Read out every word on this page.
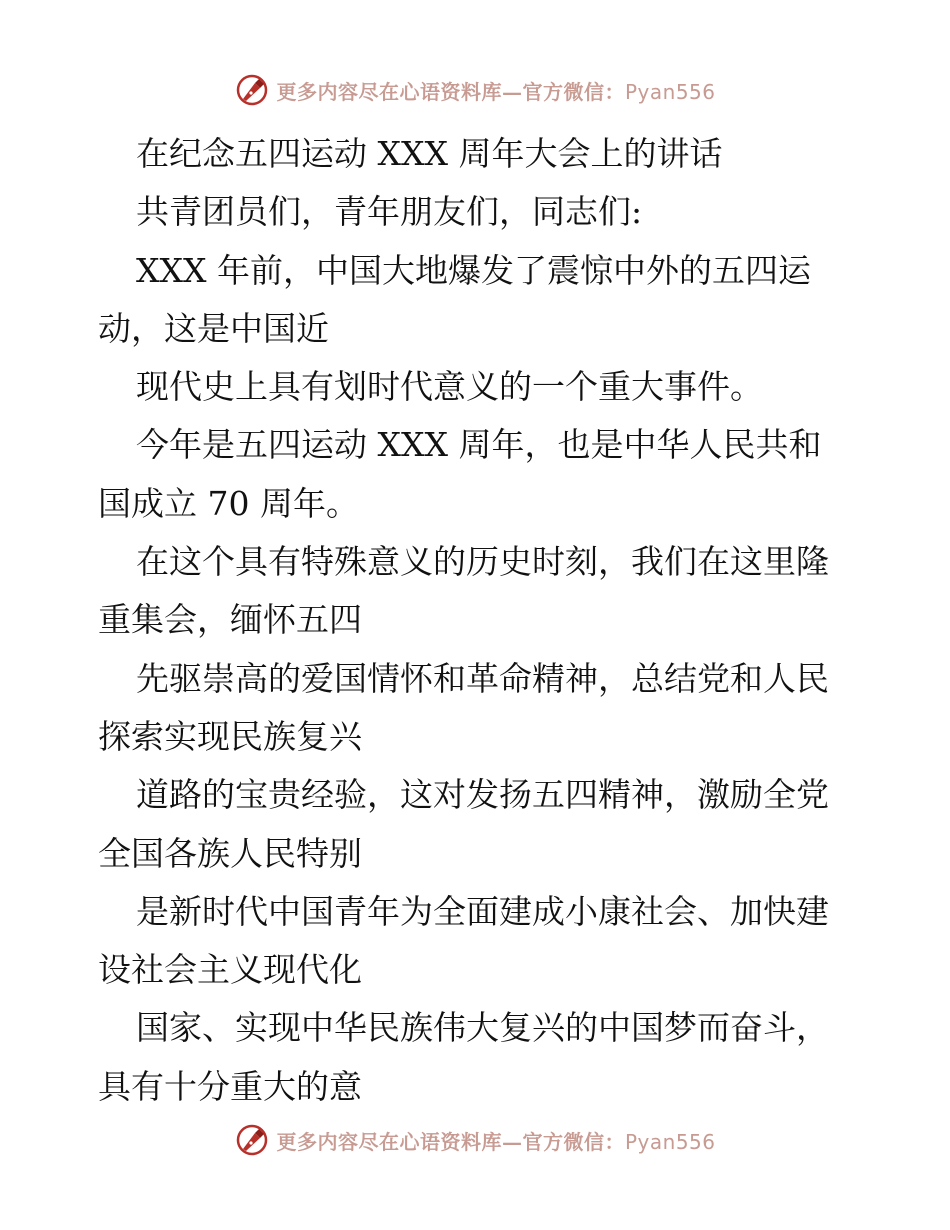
更多内容尽在心语资料库—官方微信：Pyan556
在纪念五四运动 XXX 周年大会上的讲话
共青团员们，青年朋友们，同志们:
XXX 年前，中国大地爆发了震惊中外的五四运
动，这是中国近
现代史上具有划时代意义的一个重大事件。
今年是五四运动 XXX 周年，也是中华人民共和
国成立 70 周年。
在这个具有特殊意义的历史时刻，我们在这里隆
重集会，缅怀五四
先驱崇高的爱国情怀和革命精神，总结党和人民
探索实现民族复兴
道路的宝贵经验，这对发扬五四精神，激励全党
全国各族人民特别
是新时代中国青年为全面建成小康社会、加快建
设社会主义现代化
国家、实现中华民族伟大复兴的中国梦而奋斗，
具有十分重大的意
更多内容尽在心语资料库—官方微信：Pyan556
